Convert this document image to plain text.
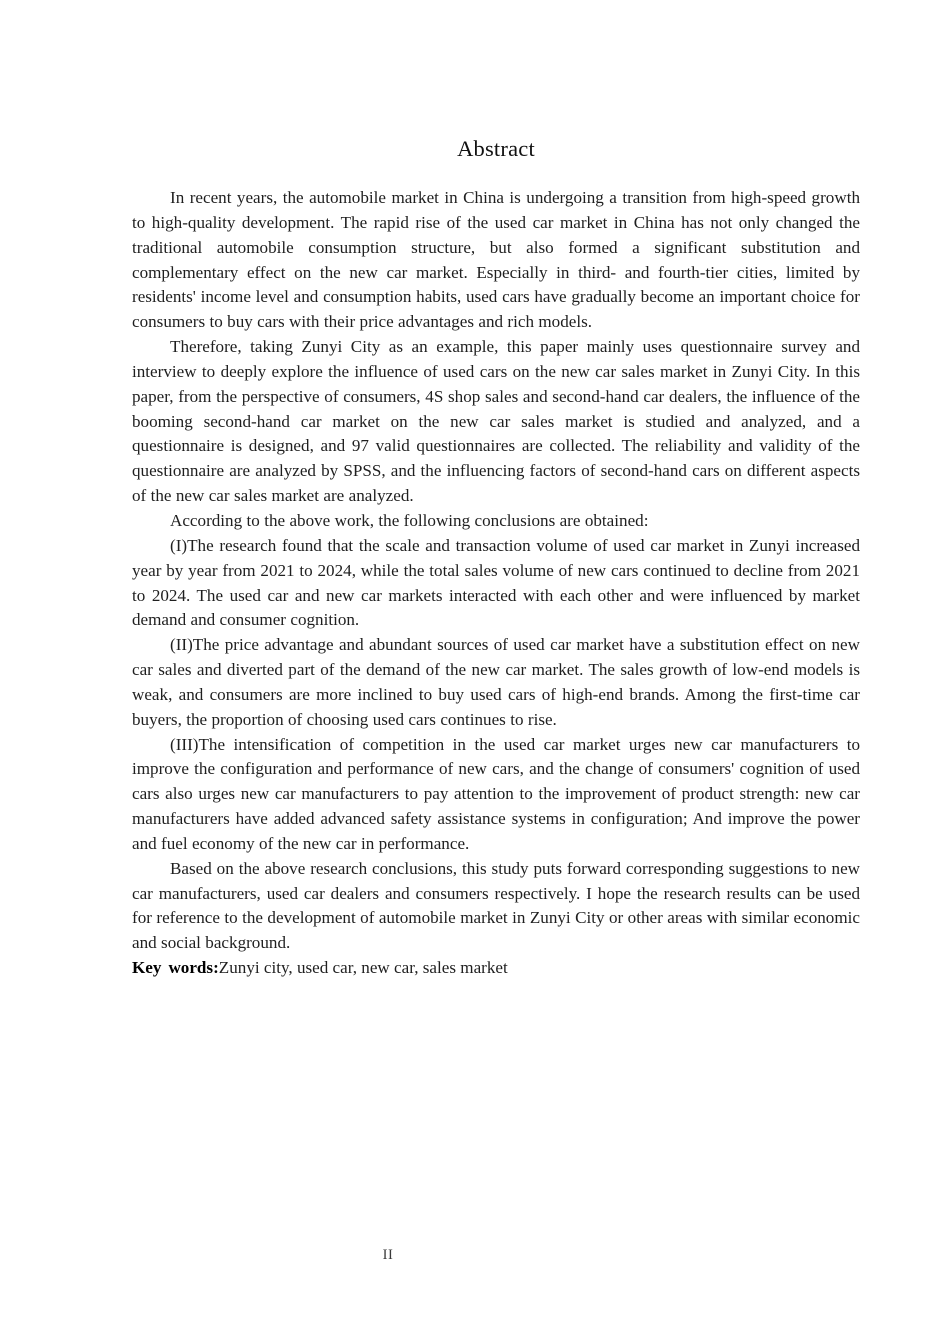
Abstract

In recent years, the automobile market in China is undergoing a transition from high-speed growth to high-quality development. The rapid rise of the used car market in China has not only changed the traditional automobile consumption structure, but also formed a significant substitution and complementary effect on the new car market. Especially in third- and fourth-tier cities, limited by residents' income level and consumption habits, used cars have gradually become an important choice for consumers to buy cars with their price advantages and rich models.

Therefore, taking Zunyi City as an example, this paper mainly uses questionnaire survey and interview to deeply explore the influence of used cars on the new car sales market in Zunyi City. In this paper, from the perspective of consumers, 4S shop sales and second-hand car dealers, the influence of the booming second-hand car market on the new car sales market is studied and analyzed, and a questionnaire is designed, and 97 valid questionnaires are collected. The reliability and validity of the questionnaire are analyzed by SPSS, and the influencing factors of second-hand cars on different aspects of the new car sales market are analyzed.

According to the above work, the following conclusions are obtained:

(I)The research found that the scale and transaction volume of used car market in Zunyi increased year by year from 2021 to 2024, while the total sales volume of new cars continued to decline from 2021 to 2024. The used car and new car markets interacted with each other and were influenced by market demand and consumer cognition.

(II)The price advantage and abundant sources of used car market have a substitution effect on new car sales and diverted part of the demand of the new car market. The sales growth of low-end models is weak, and consumers are more inclined to buy used cars of high-end brands. Among the first-time car buyers, the proportion of choosing used cars continues to rise.

(III)The intensification of competition in the used car market urges new car manufacturers to improve the configuration and performance of new cars, and the change of consumers' cognition of used cars also urges new car manufacturers to pay attention to the improvement of product strength: new car manufacturers have added advanced safety assistance systems in configuration; And improve the power and fuel economy of the new car in performance.

Based on the above research conclusions, this study puts forward corresponding suggestions to new car manufacturers, used car dealers and consumers respectively. I hope the research results can be used for reference to the development of automobile market in Zunyi City or other areas with similar economic and social background.

Key words:Zunyi city, used car, new car, sales market

II
